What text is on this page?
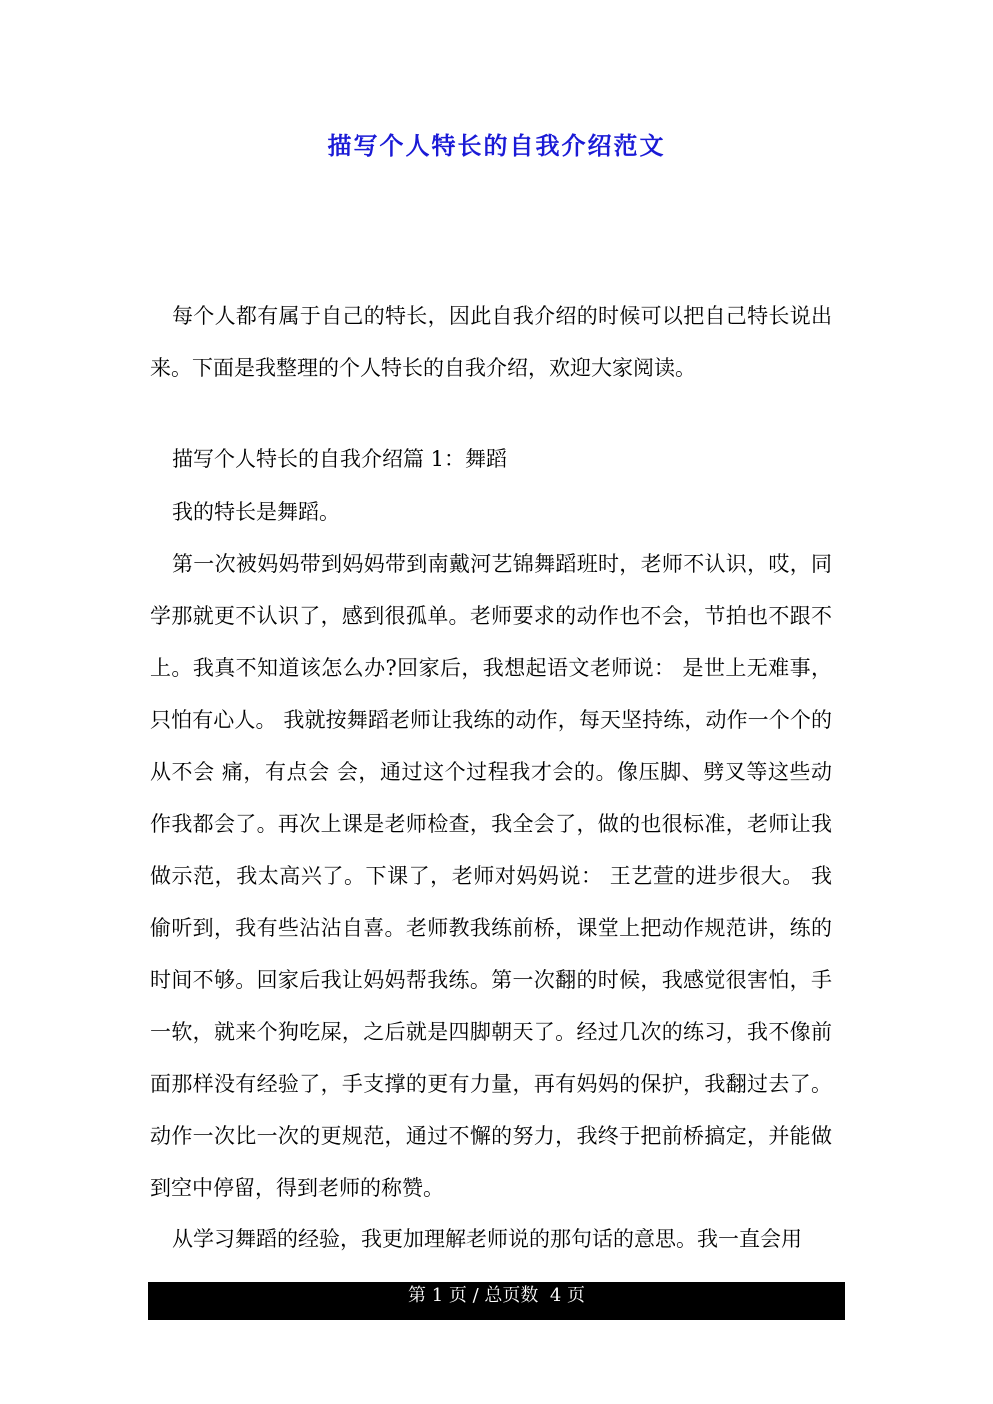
描写个人特长的自我介绍范文

每个人都有属于自己的特长，因此自我介绍的时候可以把自己特长说出来。下面是我整理的个人特长的自我介绍，欢迎大家阅读。

描写个人特长的自我介绍篇 1：舞蹈

我的特长是舞蹈。

第一次被妈妈带到妈妈带到南戴河艺锦舞蹈班时，老师不认识，哎，同学那就更不认识了，感到很孤单。老师要求的动作也不会，节拍也不跟不上。我真不知道该怎么办?回家后，我想起语文老师说： 是世上无难事，只怕有心人。 我就按舞蹈老师让我练的动作，每天坚持练，动作一个个的从不会 痛，有点会 会，通过这个过程我才会的。像压脚、劈叉等这些动作我都会了。再次上课是老师检查，我全会了，做的也很标准，老师让我做示范，我太高兴了。下课了，老师对妈妈说： 王艺萱的进步很大。 我偷听到，我有些沾沾自喜。老师教我练前桥，课堂上把动作规范讲，练的时间不够。回家后我让妈妈帮我练。第一次翻的时候，我感觉很害怕，手一软，就来个狗吃屎，之后就是四脚朝天了。经过几次的练习，我不像前面那样没有经验了，手支撑的更有力量，再有妈妈的保护，我翻过去了。动作一次比一次的更规范，通过不懈的努力，我终于把前桥搞定，并能做到空中停留，得到老师的称赞。

从学习舞蹈的经验，我更加理解老师说的那句话的意思。我一直会用

第 1 页 / 总页数  4 页
